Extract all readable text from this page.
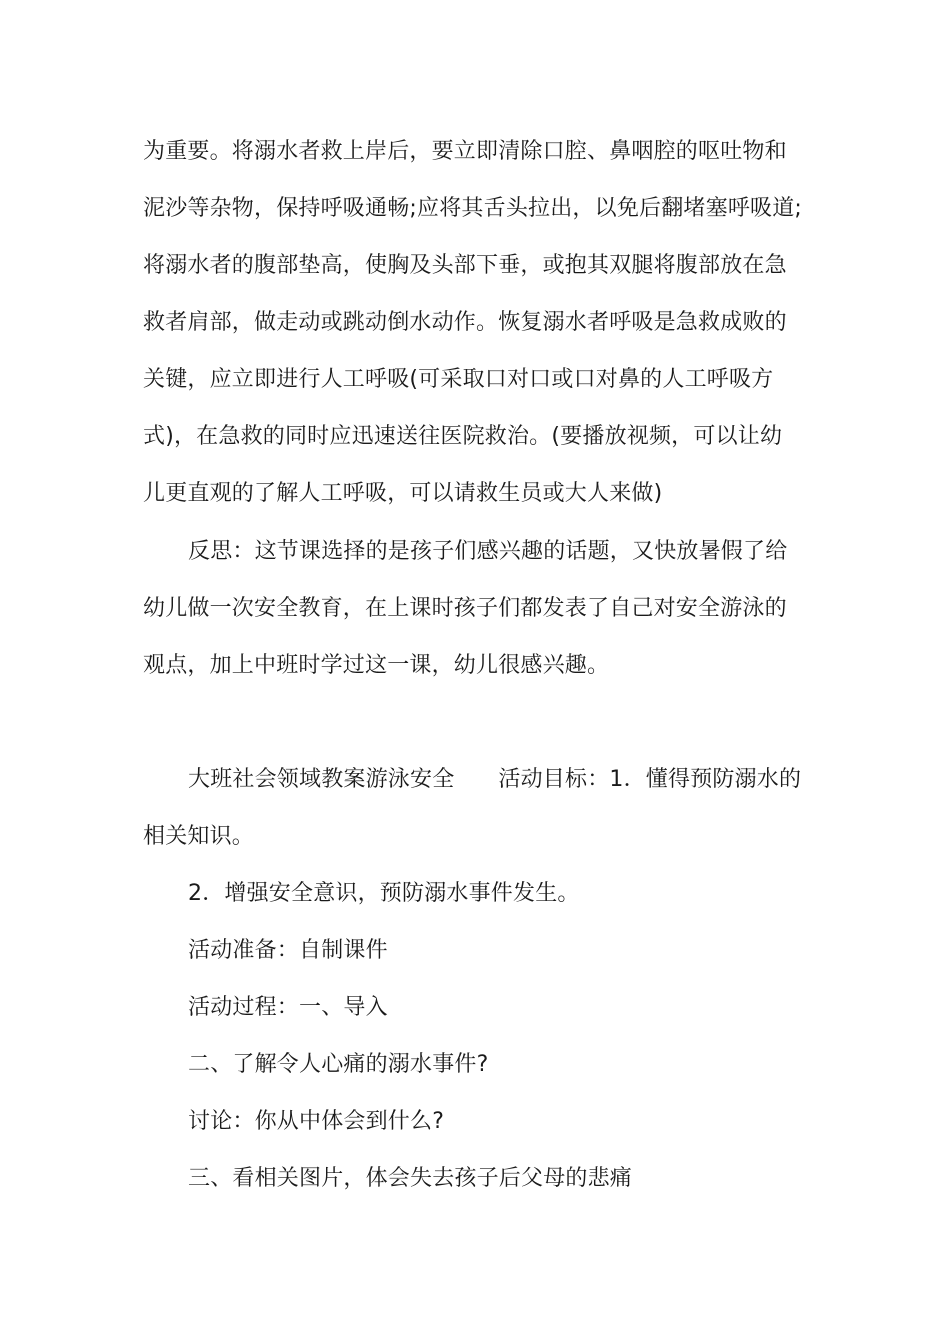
为重要。将溺水者救上岸后，要立即清除口腔、鼻咽腔的呕吐物和
泥沙等杂物，保持呼吸通畅;应将其舌头拉出，以免后翻堵塞呼吸道;
将溺水者的腹部垫高，使胸及头部下垂，或抱其双腿将腹部放在急
救者肩部，做走动或跳动倒水动作。恢复溺水者呼吸是急救成败的
关键，应立即进行人工呼吸(可采取口对口或口对鼻的人工呼吸方
式)，在急救的同时应迅速送往医院救治。(要播放视频，可以让幼
儿更直观的了解人工呼吸，可以请救生员或大人来做)
反思：这节课选择的是孩子们感兴趣的话题，又快放暑假了给
幼儿做一次安全教育，在上课时孩子们都发表了自己对安全游泳的
观点，加上中班时学过这一课，幼儿很感兴趣。
大班社会领域教案游泳安全 活动目标：1．懂得预防溺水的
相关知识。
2．增强安全意识，预防溺水事件发生。
活动准备：自制课件
活动过程：一、导入
二、了解令人心痛的溺水事件?
讨论：你从中体会到什么?
三、看相关图片，体会失去孩子后父母的悲痛
